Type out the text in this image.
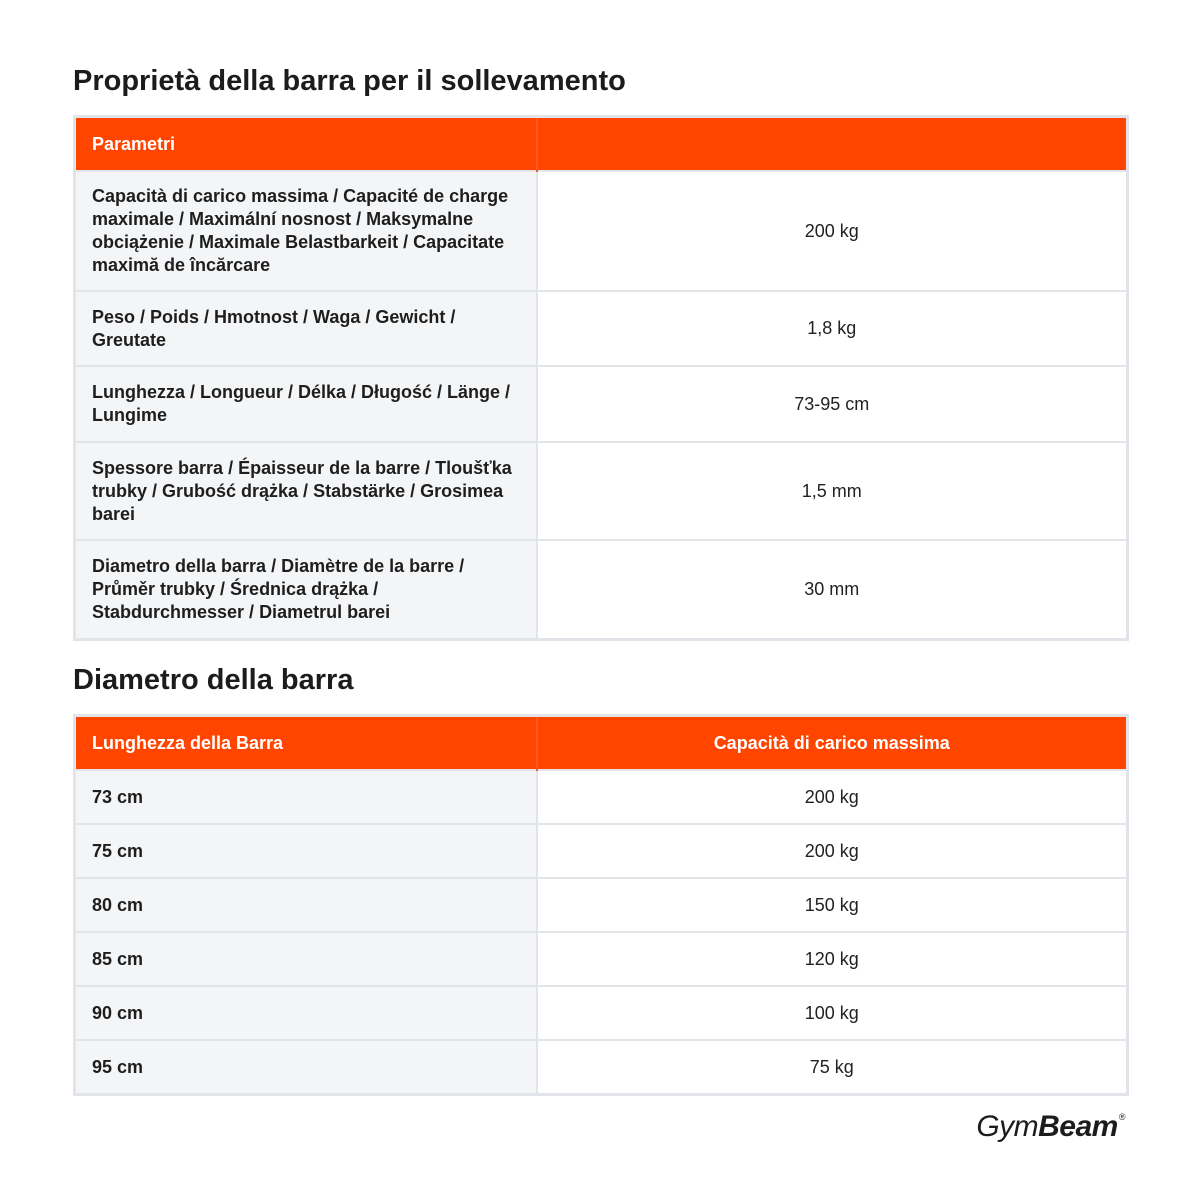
Proprietà della barra per il sollevamento
Parametri	
Capacità di carico massima / Capacité de charge maximale / Maximální nosnost / Maksymalne obciążenie / Maximale Belastbarkeit / Capacitate maximă de încărcare	200 kg
Peso / Poids / Hmotnost / Waga / Gewicht / Greutate	1,8 kg
Lunghezza / Longueur / Délka / Długość / Länge / Lungime	73-95 cm
Spessore barra / Épaisseur de la barre / Tloušťka trubky / Grubość drążka / Stabstärke / Grosimea barei	1,5 mm
Diametro della barra / Diamètre de la barre / Průměr trubky / Średnica drążka / Stabdurchmesser / Diametrul barei	30 mm
Diametro della barra
Lunghezza della Barra	Capacità di carico massima
73 cm	200 kg
75 cm	200 kg
80 cm	150 kg
85 cm	120 kg
90 cm	100 kg
95 cm	75 kg
GymBeam®
